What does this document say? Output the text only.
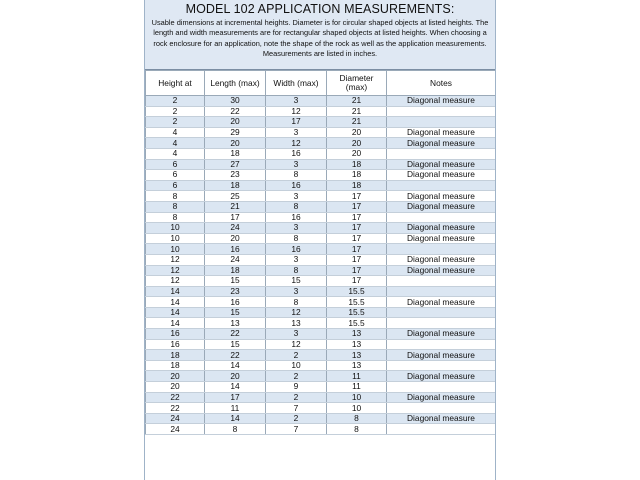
MODEL 102 APPLICATION MEASUREMENTS:
Usable dimensions at incremental heights. Diameter is for circular shaped objects at listed heights. The length and width measurements are for rectangular shaped objects at listed heights. When choosing a rock enclosure for an application, note the shape of the rock as well as the application measurements. Measurements are listed in inches.
Height at	Length (max)	Width (max)	Diameter (max)	Notes
2	30	3	21	Diagonal measure
2	22	12	21	
2	20	17	21	
4	29	3	20	Diagonal measure
4	20	12	20	Diagonal measure
4	18	16	20	
6	27	3	18	Diagonal measure
6	23	8	18	Diagonal measure
6	18	16	18	
8	25	3	17	Diagonal measure
8	21	8	17	Diagonal measure
8	17	16	17	
10	24	3	17	Diagonal measure
10	20	8	17	Diagonal measure
10	16	16	17	
12	24	3	17	Diagonal measure
12	18	8	17	Diagonal measure
12	15	15	17	
14	23	3	15.5	
14	16	8	15.5	Diagonal measure
14	15	12	15.5	
14	13	13	15.5	
16	22	3	13	Diagonal measure
16	15	12	13	
18	22	2	13	Diagonal measure
18	14	10	13	
20	20	2	11	Diagonal measure
20	14	9	11	
22	17	2	10	Diagonal measure
22	11	7	10	
24	14	2	8	Diagonal measure
24	8	7	8	
